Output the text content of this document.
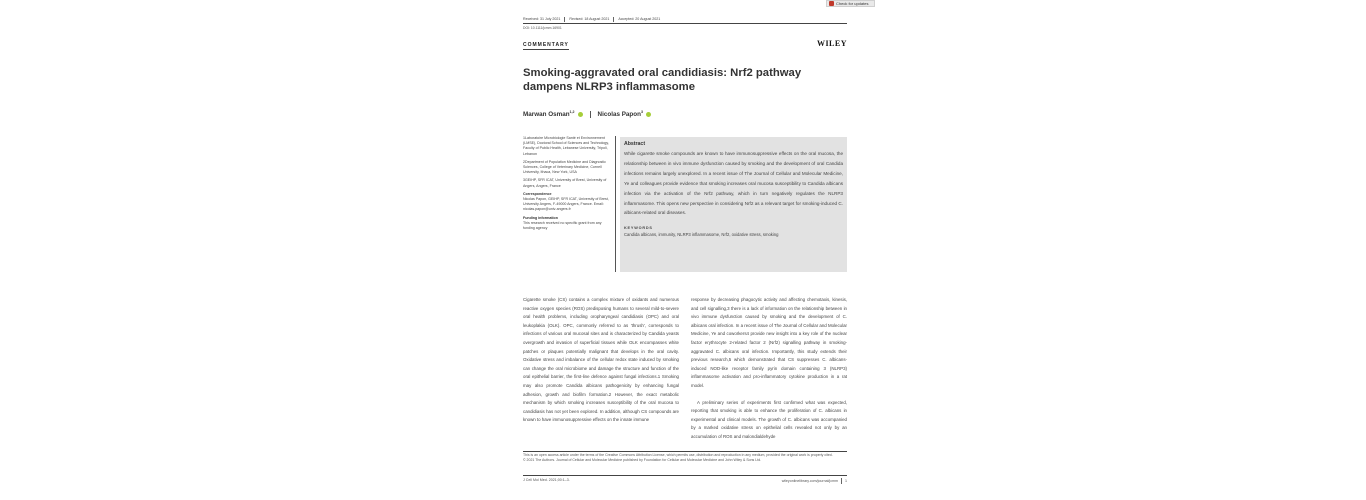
Check for updates
Received: 31 July 2021	Revised: 18 August 2021	Accepted: 20 August 2021
DOI: 10.1111/jcmm.16901
COMMENTARY	WILEY
Smoking-aggravated oral candidiasis: Nrf2 pathway dampens NLRP3 inflammasome
Marwan Osman$^{1,2}$	Nicolas Papon$^3$

1Laboratoire Microbiologie Santé et Environnement (LMSE), Doctoral School of Sciences and Technology, Faculty of Public Health, Lebanese University, Tripoli, Lebanon

2Department of Population Medicine and Diagnostic Sciences, College of Veterinary Medicine, Cornell University, Ithaca, New York, USA

3GEIHP, SFR ICAT, University of Brest, University of Angers, Angers, France

Correspondence

Nicolas Papon, GEIHP, SFR ICAT, University of Brest, University Angers, F-49000 Angers, France. Email: nicolas.papon@univ-angers.fr

Funding information

This research received no specific grant from any funding agency

Abstract

While cigarette smoke compounds are known to have immunosuppressive effects on the oral mucosa, the relationship between in vivo immune dysfunction caused by smoking and the development of oral Candida infections remains largely unexplored. In a recent issue of The Journal of Cellular and Molecular Medicine, Ye and colleagues provide evidence that smoking increases oral mucosa susceptibility to Candida albicans infection via the activation of the Nrf2 pathway, which in turn negatively regulates the NLRP3 inflammasome. This opens new perspective in considering Nrf2 as a relevant target for smoking-induced C. albicans-related oral diseases.

KEYWORDS
Candida albicans, immunity, NLRP3 inflammasome, Nrf2, oxidative stress, smoking

Cigarette smoke (CS) contains a complex mixture of oxidants and numerous reactive oxygen species (ROS) predisposing humans to several mild-to-severe oral health problems, including oropharyngeal candidiasis (OPC) and oral leukoplakia (OLK). OPC, commonly referred to as 'thrush', corresponds to infections of various oral mucosal sites and is characterized by Candida yeasts overgrowth and invasion of superficial tissues while OLK encompasses white patches or plaques potentially malignant that develops in the oral cavity. Oxidative stress and imbalance of the cellular redox state induced by smoking can change the oral microbiome and damage the structure and function of the oral epithelial barrier, the first-line defence against fungal infections.1 Smoking may also promote Candida albicans pathogenicity by enhancing fungal adhesion, growth and biofilm formation.2 However, the exact metabolic mechanism by which smoking increases susceptibility of the oral mucosa to candidiasis has not yet been explored. In addition, although CS compounds are known to have immunosuppressive effects on the innate immune

response by decreasing phagocytic activity and affecting chemotaxis, kinesis, and cell signalling,3 there is a lack of information on the relationship between in vivo immune dysfunction caused by smoking and the development of C. albicans oral infection. In a recent issue of The Journal of Cellular and Molecular Medicine, Ye and coworkers4 provide new insight into a key role of the nuclear factor erythrocyte 2-related factor 2 (Nrf2) signalling pathway in smoking-aggravated C. albicans oral infection. Importantly, this study extends their previous research,5 which demonstrated that CS suppresses C. albicans-induced NOD-like receptor family pyrin domain containing 3 (NLRP3) inflammasome activation and pro-inflammatory cytokine production in a rat model.

A preliminary series of experiments first confirmed what was expected, reporting that smoking is able to enhance the proliferation of C. albicans in experimental and clinical models. The growth of C. albicans was accompanied by a marked oxidative stress on epithelial cells revealed not only by an accumulation of ROS and malondialdehyde

This is an open access article under the terms of the Creative Commons Attribution License, which permits use, distribution and reproduction in any medium, provided the original work is properly cited.
© 2021 The Authors. Journal of Cellular and Molecular Medicine published by Foundation for Cellular and Molecular Medicine and John Wiley & Sons Ltd.
J Cell Mol Med. 2021;00:1–3.	wileyonlinelibrary.com/journal/jcmm 1
